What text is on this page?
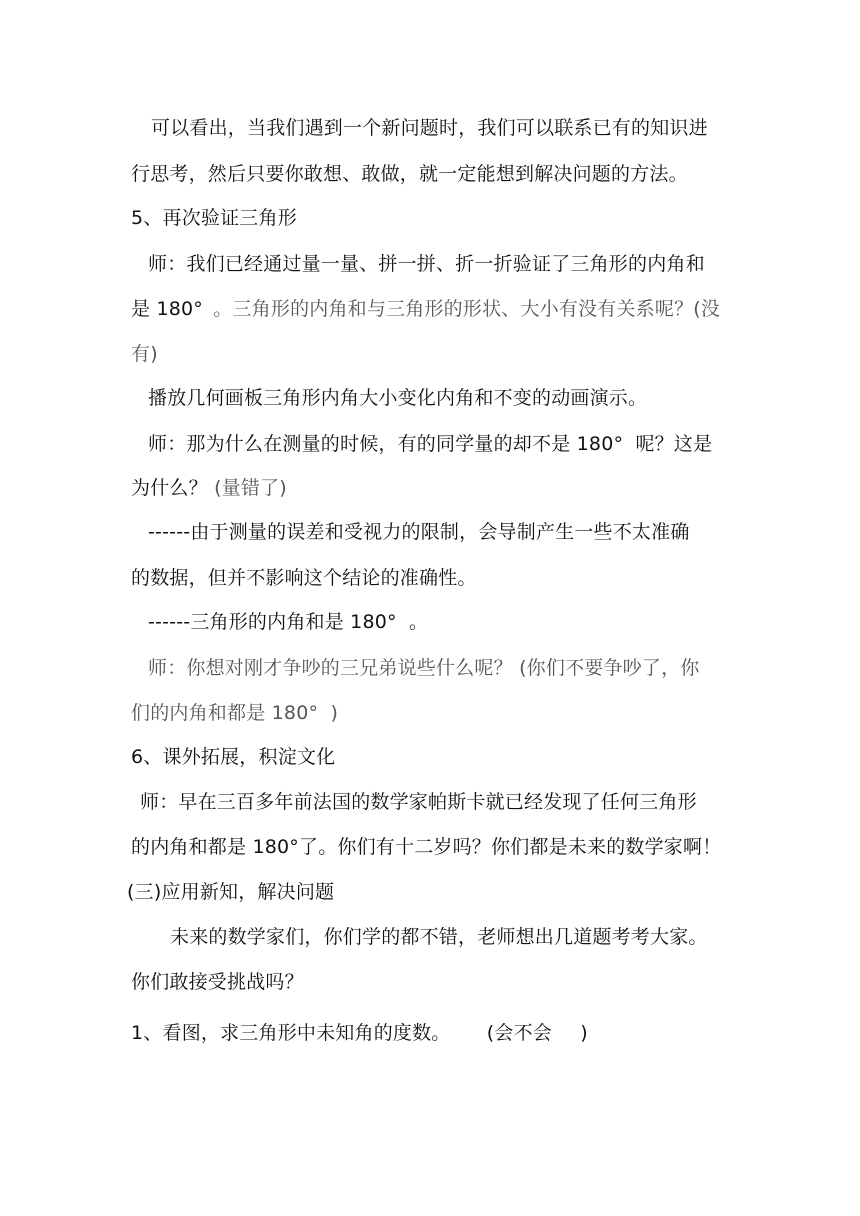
可以看出，当我们遇到一个新问题时，我们可以联系已有的知识进
行思考，然后只要你敢想、敢做，就一定能想到解决问题的方法。
5、再次验证三角形
师：我们已经通过量一量、拼一拼、折一折验证了三角形的内角和
是 180° 。三角形的内角和与三角形的形状、大小有没有关系呢？(没
有)
播放几何画板三角形内角大小变化内角和不变的动画演示。
师：那为什么在测量的时候，有的同学量的却不是 180° 呢？这是
为什么？ (量错了)
------由于测量的误差和受视力的限制，会导制产生一些不太准确
的数据，但并不影响这个结论的准确性。
------三角形的内角和是 180° 。
师：你想对刚才争吵的三兄弟说些什么呢？ (你们不要争吵了，你
们的内角和都是 180° )
6、课外拓展，积淀文化
师：早在三百多年前法国的数学家帕斯卡就已经发现了任何三角形
的内角和都是 180°了。你们有十二岁吗？你们都是未来的数学家啊！
(三)应用新知，解决问题
未来的数学家们，你们学的都不错，老师想出几道题考考大家。
你们敢接受挑战吗？
1、看图，求三角形中未知角的度数。 (会不会 )
